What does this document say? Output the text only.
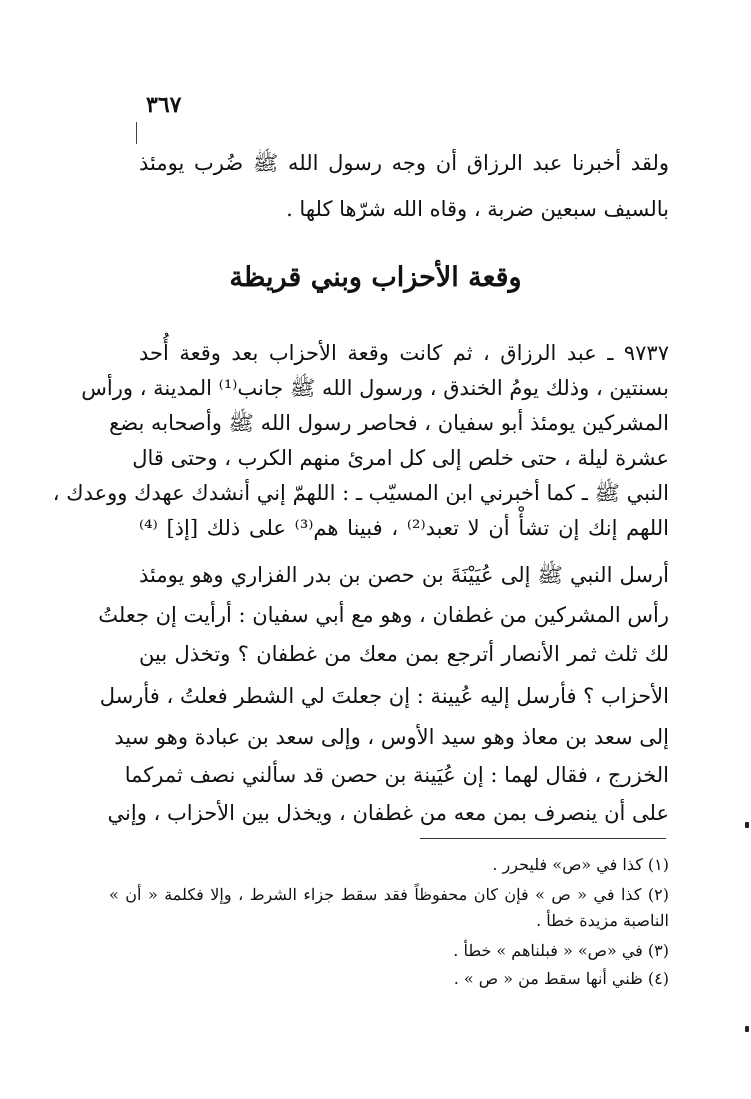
٣٦٧
ولقد أخبرنا عبد الرزاق أن وجه رسول الله ﷺ ضُرب يومئذ
بالسيف سبعين ضربة ، وقاه الله شرّها كلها .
وقعة الأحزاب وبني قريظة
٩٧٣٧ ـ عبد الرزاق ، ثم كانت وقعة الأحزاب بعد وقعة أُحد
بسنتين ، وذلك يومُ الخندق ، ورسول الله ﷺ جانب⁽¹⁾ المدينة ، ورأس
المشركين يومئذ أبو سفيان ، فحاصر رسول الله ﷺ وأصحابه بضع
عشرة ليلة ، حتى خلص إلى كل امرئ منهم الكرب ، وحتى قال
النبي ﷺ ـ كما أخبرني ابن المسيّب ـ : اللهمّ إني أنشدك عهدك ووعدك ،
اللهم إنك إن تشأْ أن لا تعبد⁽²⁾ ، فبينا هم⁽³⁾ على ذلك [إذ] ⁽⁴⁾
أرسل النبي ﷺ إلى عُيَيْنَةَ بن حصن بن بدر الفزاري وهو يومئذ
رأس المشركين من غطفان ، وهو مع أبي سفيان : أرأيت إن جعلتُ
لك ثلث ثمر الأنصار أترجع بمن معك من غطفان ؟ وتخذل بين
الأحزاب ؟ فأرسل إليه عُيينة : إن جعلتَ لي الشطر فعلتُ ، فأرسل
إلى سعد بن معاذ وهو سيد الأوس ، وإلى سعد بن عبادة وهو سيد
الخزرج ، فقال لهما : إن عُيَينة بن حصن قد سألني نصف ثمركما
على أن ينصرف بمن معه من غطفان ، ويخذل بين الأحزاب ، وإني
(١) كذا في «ص» فليحرر .
(٢) كذا في « ص » فإن كان محفوظاً فقد سقط جزاء الشرط ، وإلا فكلمة « أن »
الناصبة مزيدة خطأ .
(٣) في «ص» « فبلناهم » خطأ .
(٤) ظني أنها سقط من « ص » .
